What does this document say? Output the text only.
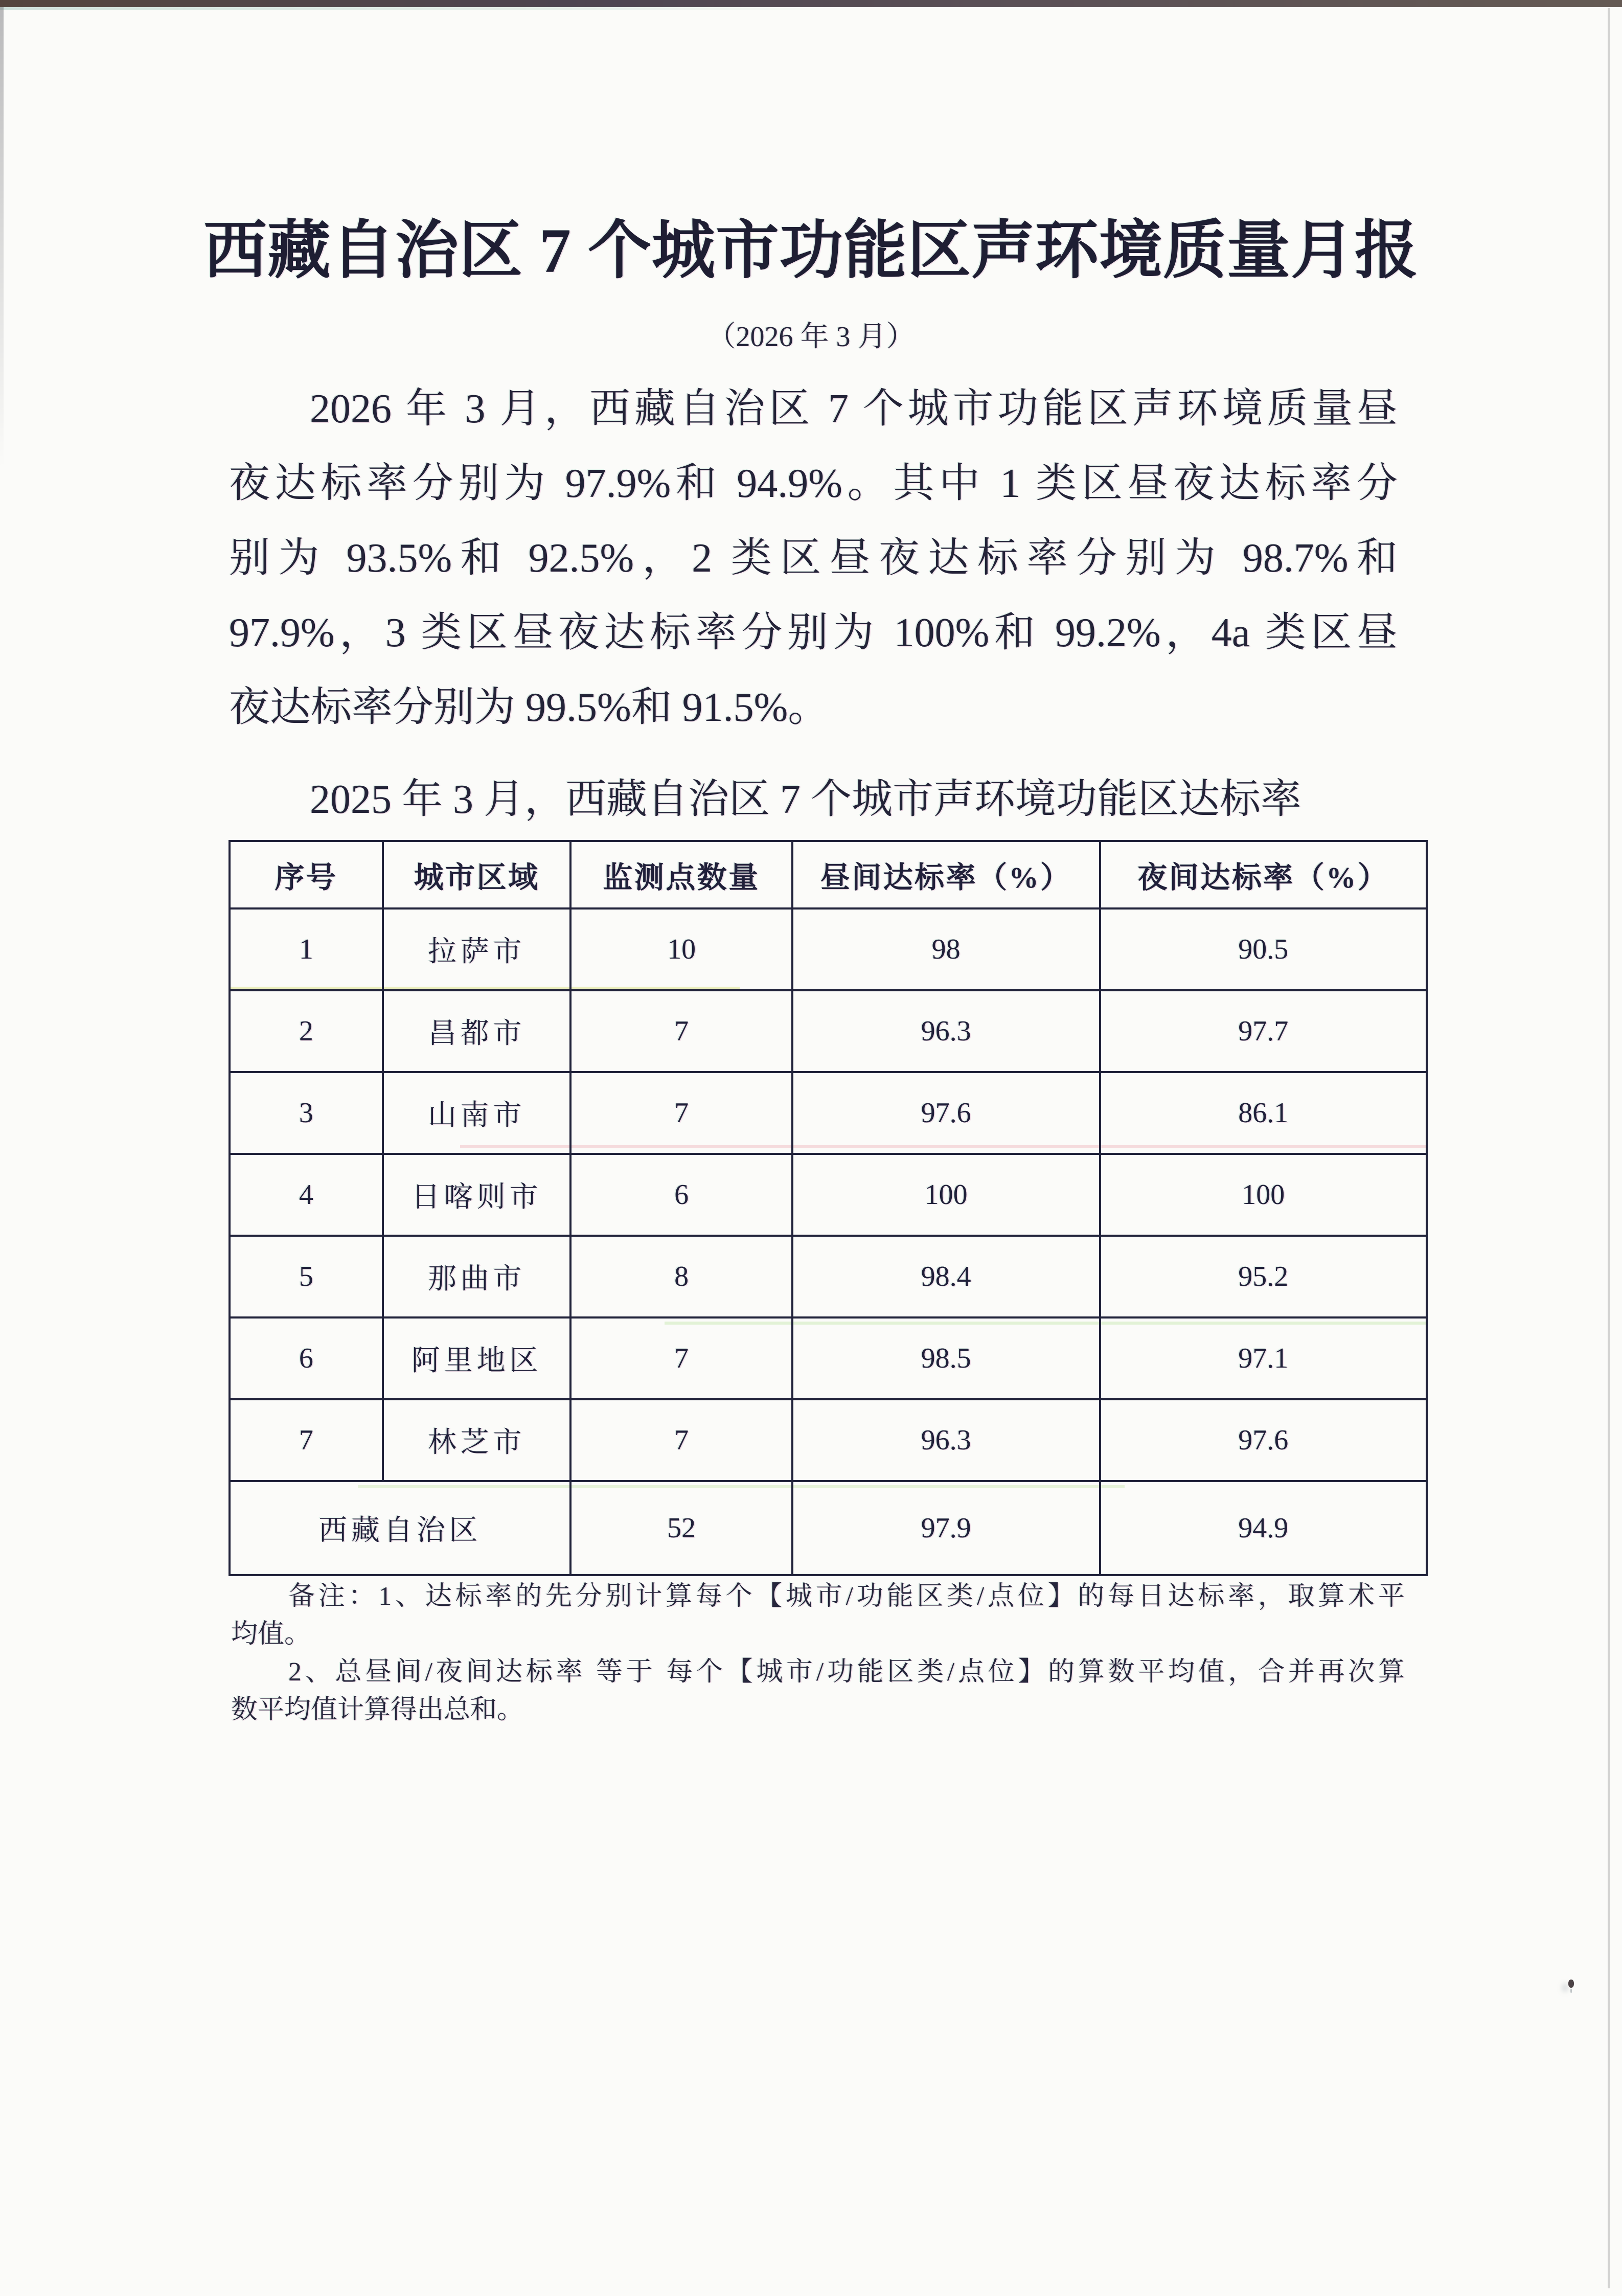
西藏自治区 7 个城市功能区声环境质量月报
（2026 年 3 月）
2026 年 3 月，西藏自治区 7 个城市功能区声环境质量昼
夜达标率分别为 97.9%和 94.9%。其中 1 类区昼夜达标率分
别为 93.5%和 92.5%，2 类区昼夜达标率分别为 98.7%和
97.9%，3 类区昼夜达标率分别为 100%和 99.2%，4a 类区昼
夜达标率分别为 99.5%和 91.5%。
2025 年 3 月，西藏自治区 7 个城市声环境功能区达标率
序号	城市区域	监测点数量	昼间达标率（%）	夜间达标率（%）
1	拉萨市	10	98	90.5
2	昌都市	7	96.3	97.7
3	山南市	7	97.6	86.1
4	日喀则市	6	100	100
5	那曲市	8	98.4	95.2
6	阿里地区	7	98.5	97.1
7	林芝市	7	96.3	97.6
西藏自治区		52	97.9	94.9
备注：1、达标率的先分别计算每个【城市/功能区类/点位】的每日达标率，取算术平
均值。
2、总昼间/夜间达标率 等于 每个【城市/功能区类/点位】的算数平均值，合并再次算
数平均值计算得出总和。
